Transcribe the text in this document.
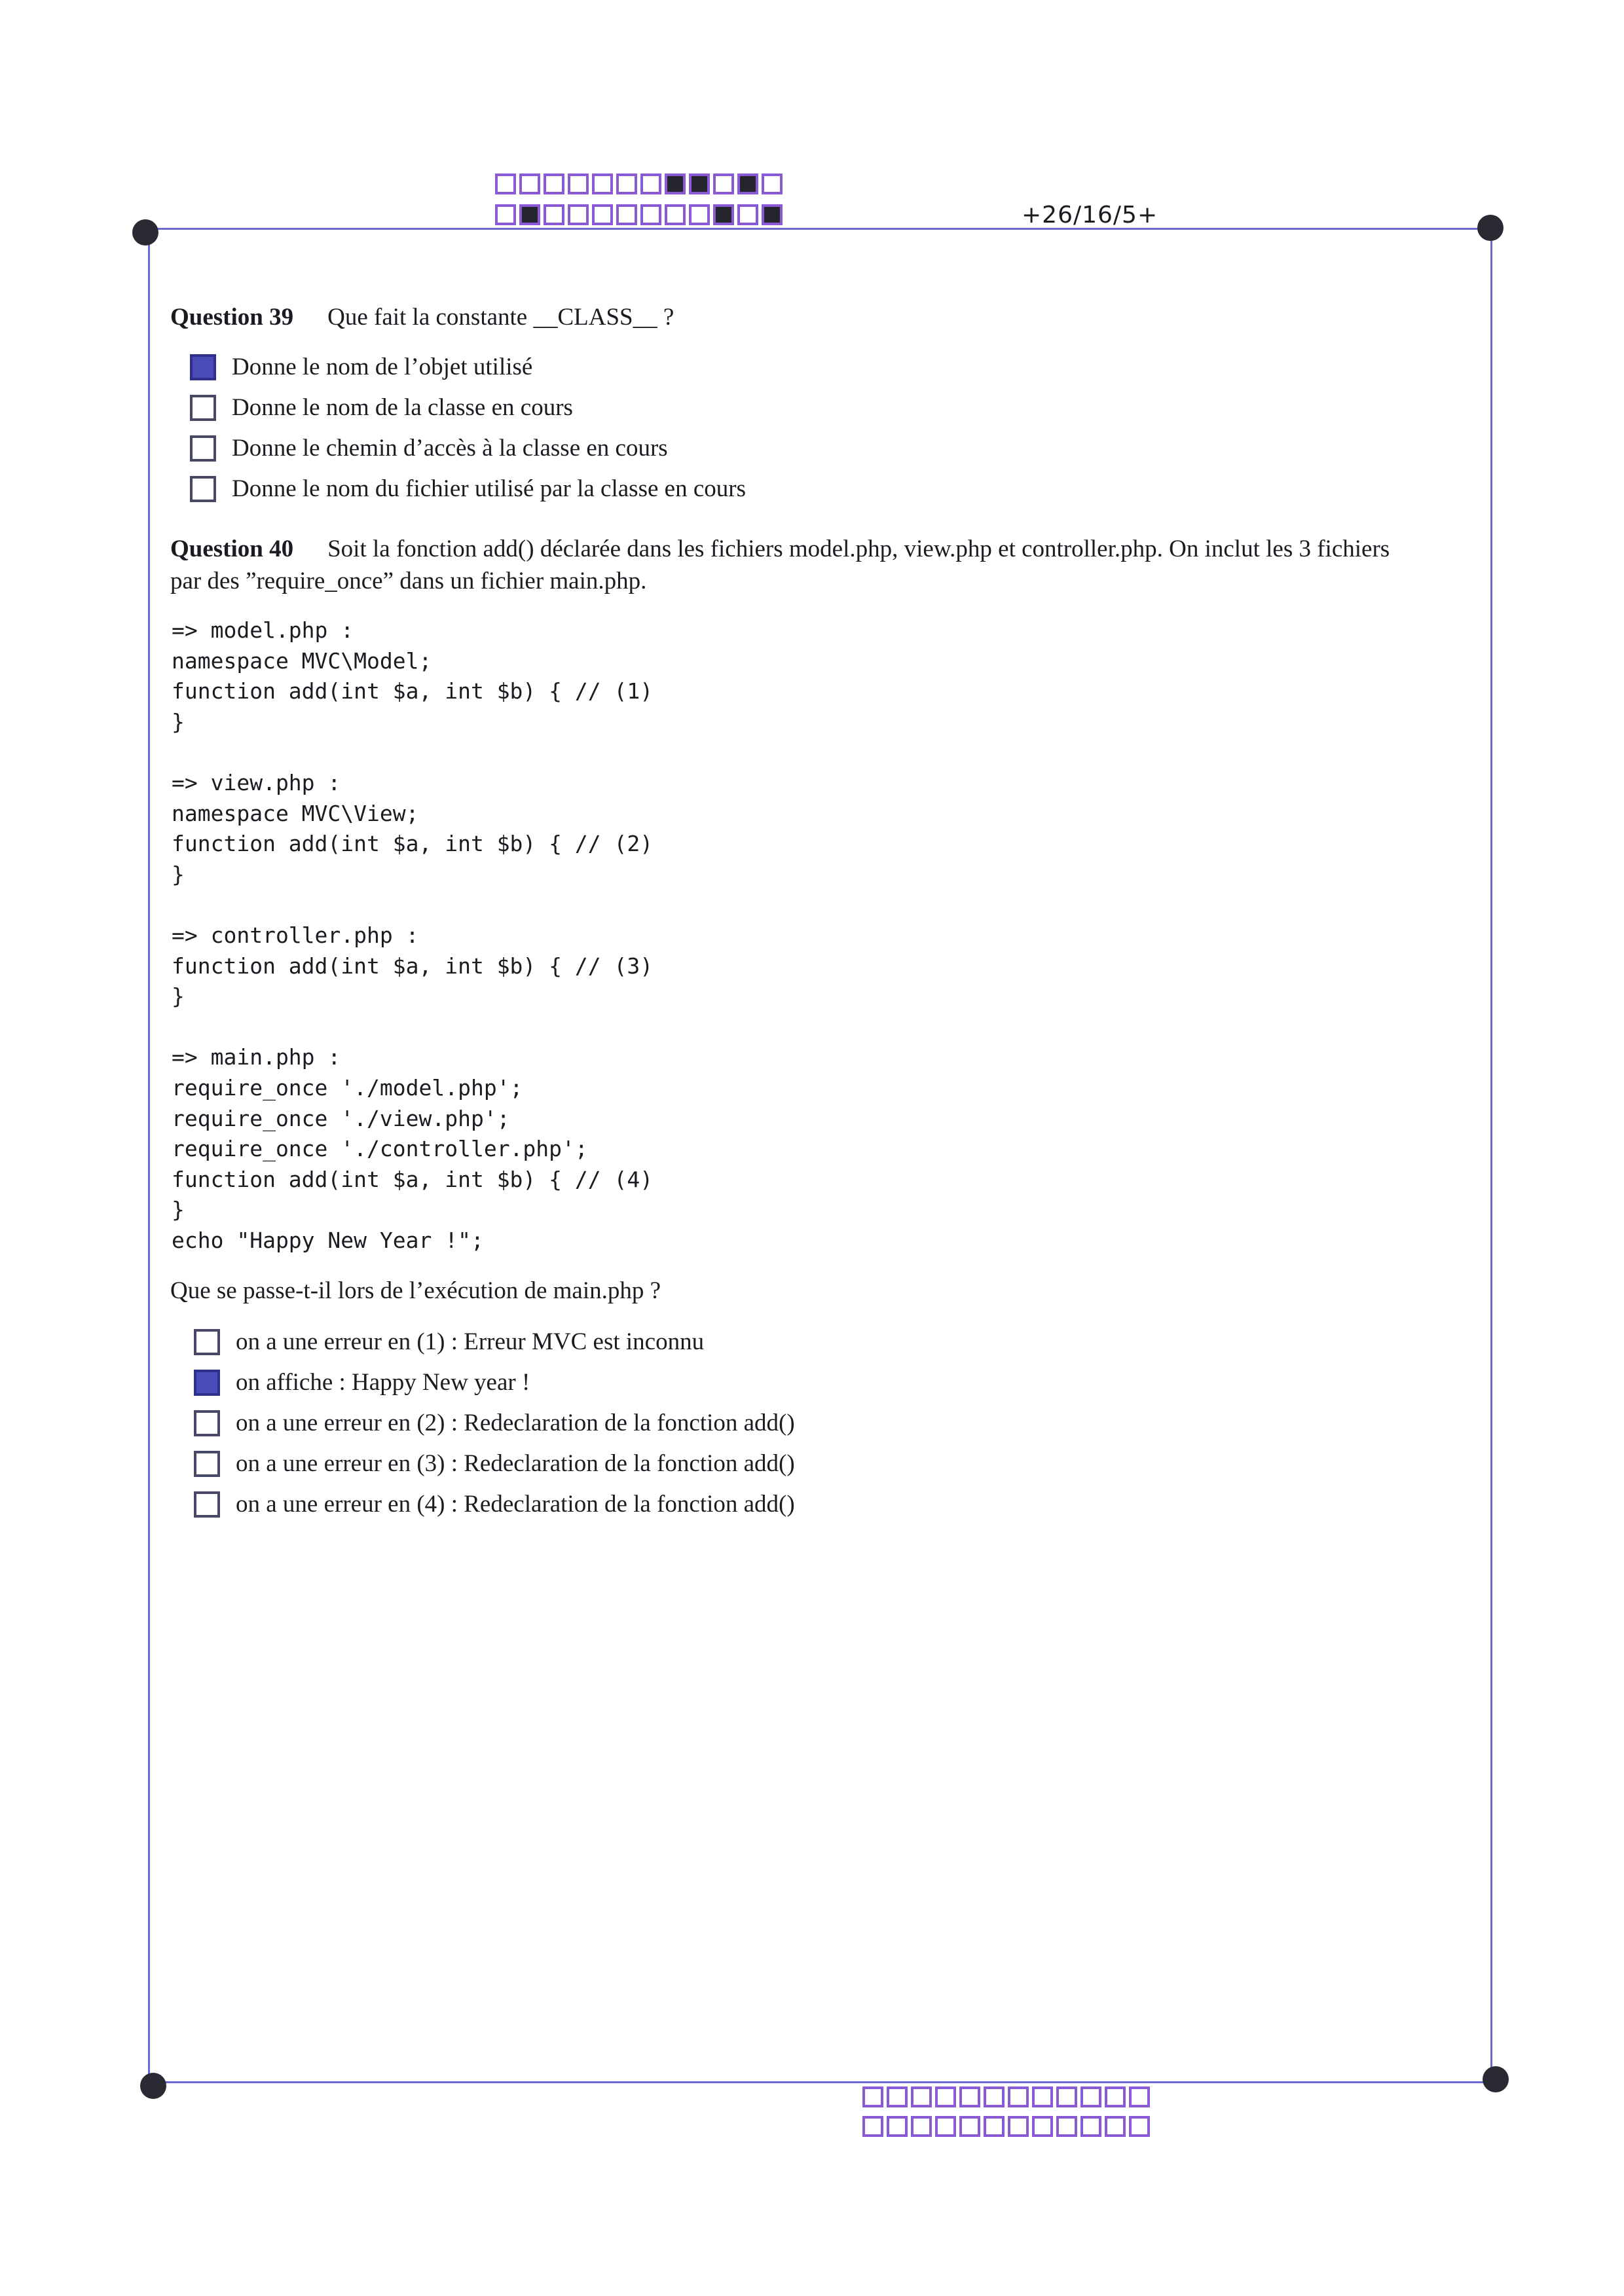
+26/16/5+
Question 39 Que fait la constante __CLASS__ ?
Donne le nom de l’objet utilisé
Donne le nom de la classe en cours
Donne le chemin d’accès à la classe en cours
Donne le nom du fichier utilisé par la classe en cours
Question 40 Soit la fonction add() déclarée dans les fichiers model.php, view.php et controller.php. On inclut les 3 fichiers
par des ”require_once” dans un fichier main.php.
=> model.php :
namespace MVC\Model;
function add(int $a, int $b) { // (1)
}
=> view.php :
namespace MVC\View;
function add(int $a, int $b) { // (2)
}
=> controller.php :
function add(int $a, int $b) { // (3)
}
=> main.php :
require_once './model.php';
require_once './view.php';
require_once './controller.php';
function add(int $a, int $b) { // (4)
}
echo "Happy New Year !";
Que se passe-t-il lors de l’exécution de main.php ?
on a une erreur en (1) : Erreur MVC est inconnu
on affiche : Happy New year !
on a une erreur en (2) : Redeclaration de la fonction add()
on a une erreur en (3) : Redeclaration de la fonction add()
on a une erreur en (4) : Redeclaration de la fonction add()
